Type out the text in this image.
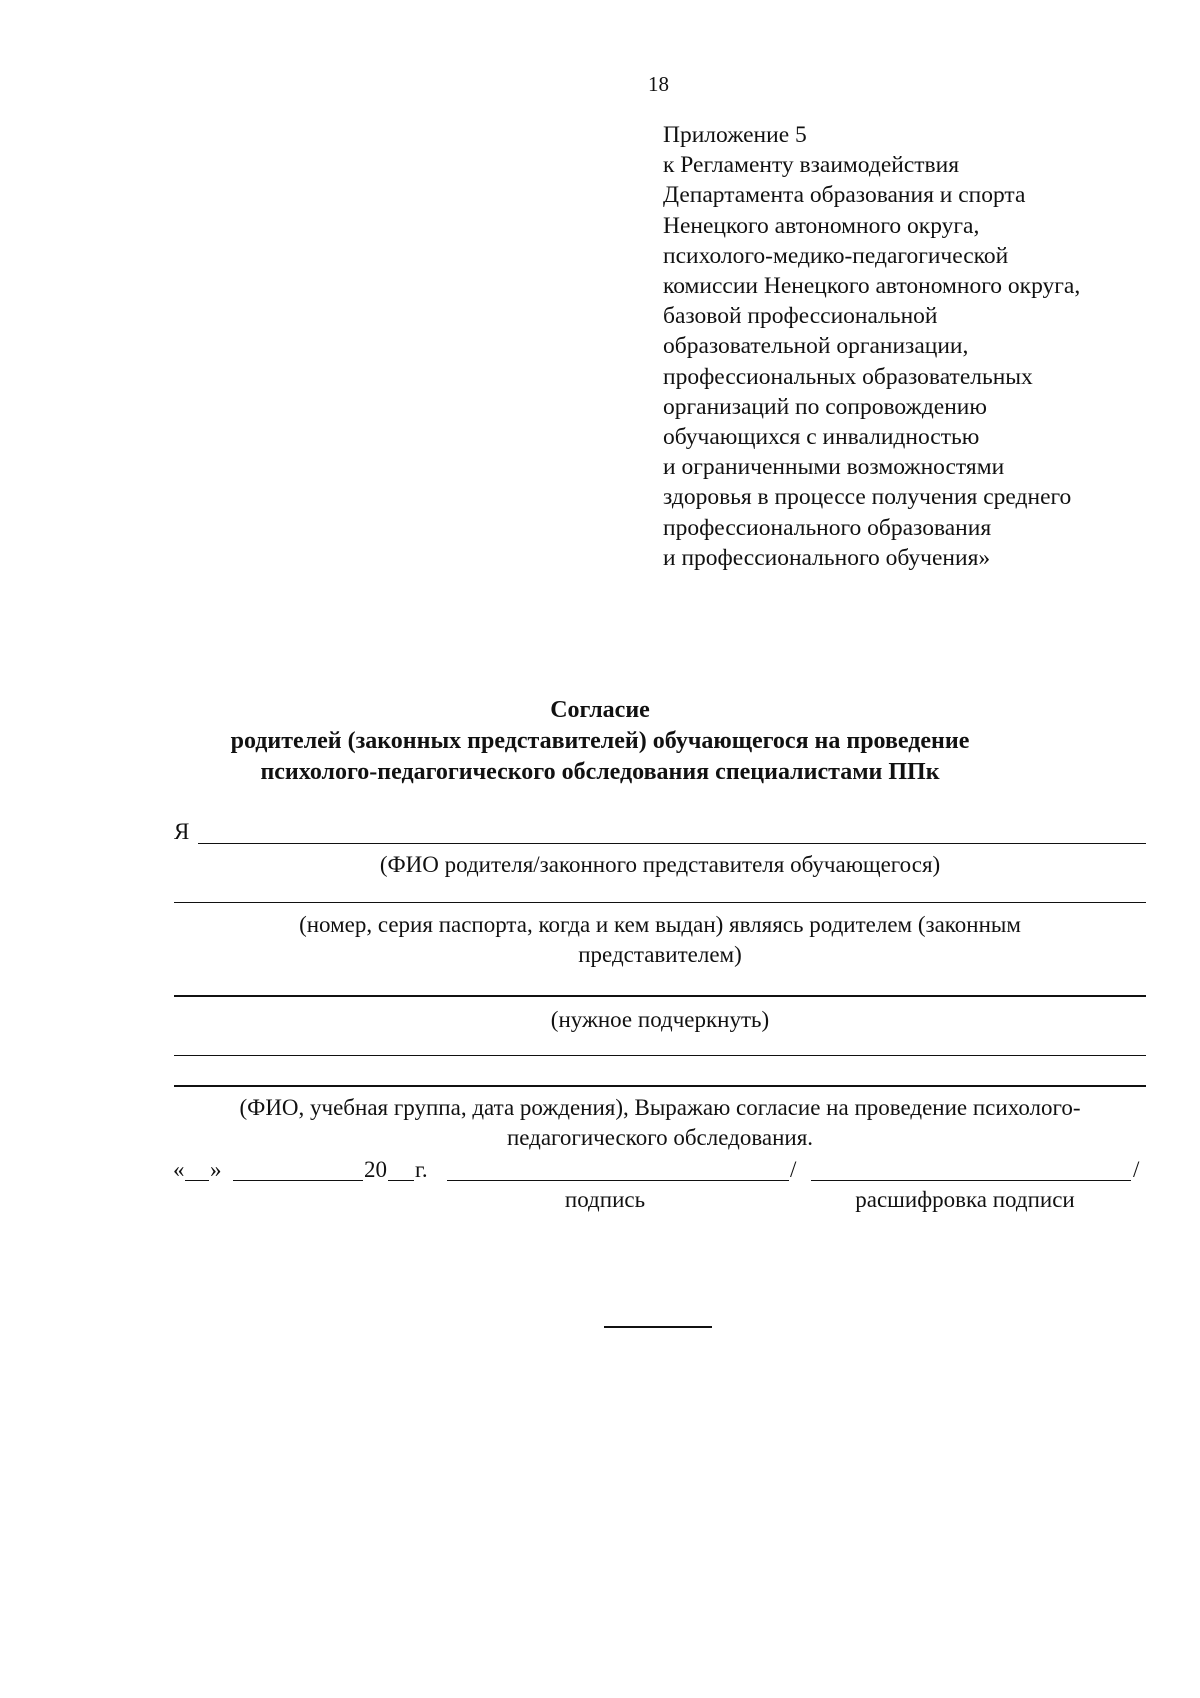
18
Приложение 5
к Регламенту взаимодействия
Департамента образования и спорта
Ненецкого автономного округа,
психолого-медико-педагогической
комиссии Ненецкого автономного округа,
базовой профессиональной
образовательной организации,
профессиональных образовательных
организаций по сопровождению
обучающихся с инвалидностью
и ограниченными возможностями
здоровья в процессе получения среднего
профессионального образования
и профессионального обучения»
Согласие
родителей (законных представителей) обучающегося на проведение
психолого-педагогического обследования специалистами ППк
Я
(ФИО родителя/законного представителя обучающегося)
(номер, серия паспорта, когда и кем выдан) являясь родителем (законным
представителем)
(нужное подчеркнуть)
(ФИО, учебная группа, дата рождения), Выражаю согласие на проведение психолого-
педагогического обследования.
« »	20 г.	/	/
подпись	расшифровка подписи
